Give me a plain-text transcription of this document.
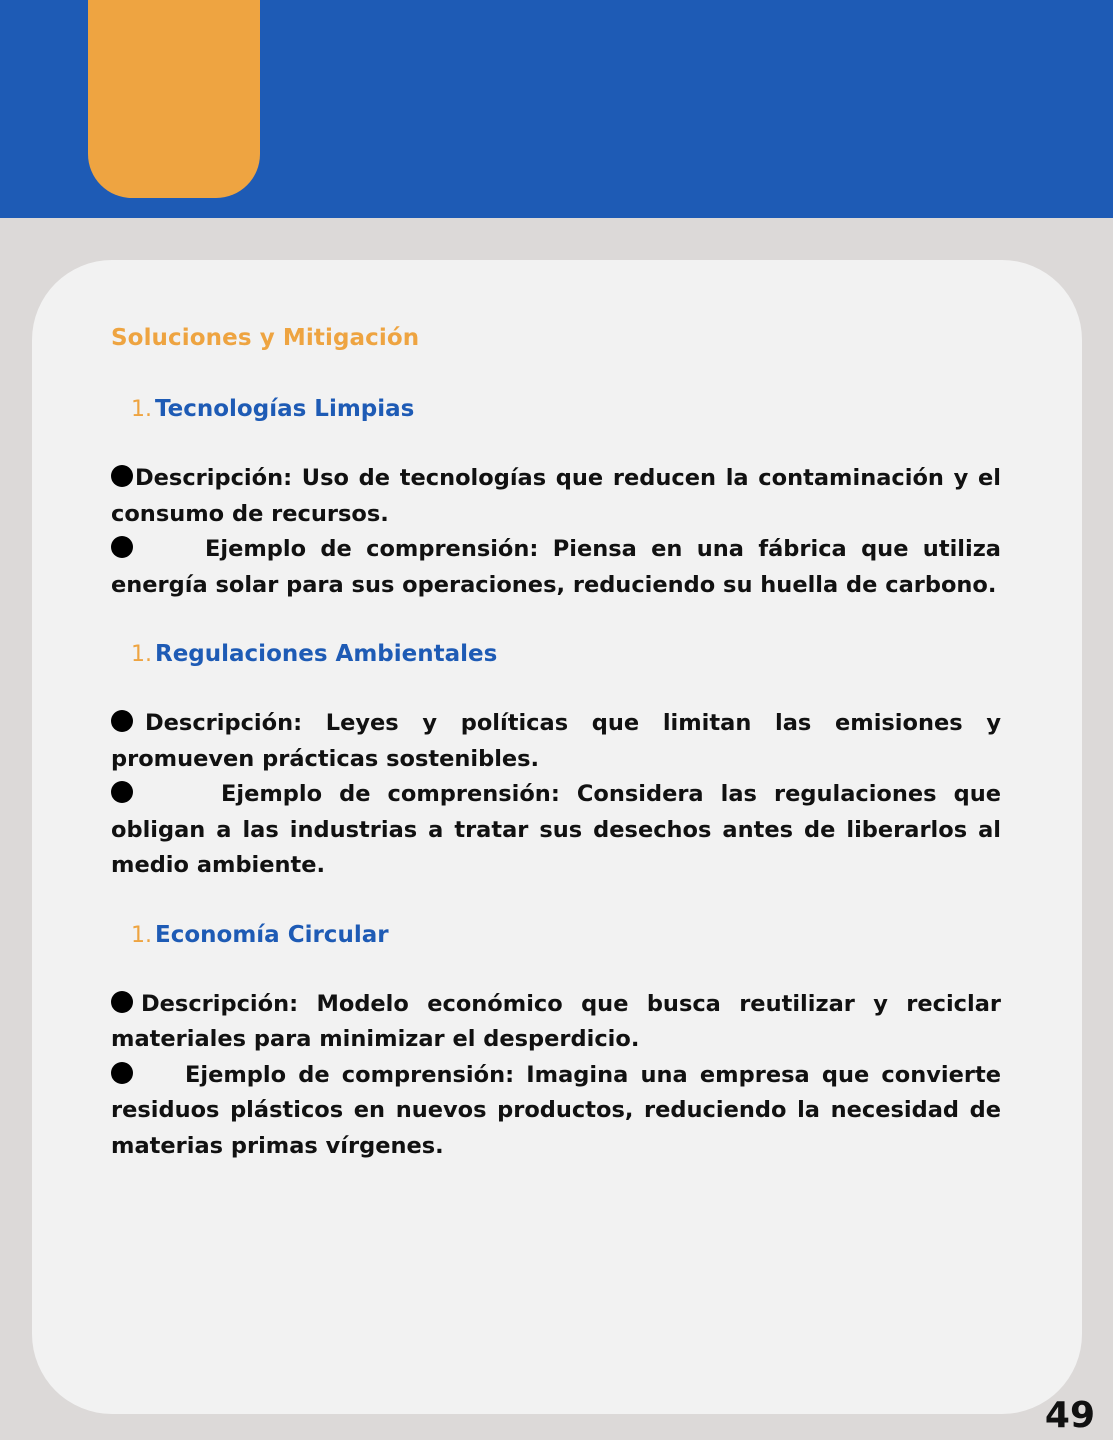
Soluciones y Mitigación
1. Tecnologías Limpias

Descripción: Uso de tecnologías que reducen la contaminación y el consumo de recursos.

Ejemplo de comprensión: Piensa en una fábrica que utiliza energía solar para sus operaciones, reduciendo su huella de carbono.

1. Regulaciones Ambientales

Descripción: Leyes y políticas que limitan las emisiones y promueven prácticas sostenibles.

Ejemplo de comprensión: Considera las regulaciones que obligan a las industrias a tratar sus desechos antes de liberarlos al medio ambiente.

1. Economía Circular

Descripción: Modelo económico que busca reutilizar y reciclar materiales para minimizar el desperdicio.

Ejemplo de comprensión: Imagina una empresa que convierte residuos plásticos en nuevos productos, reduciendo la necesidad de materias primas vírgenes.

49
